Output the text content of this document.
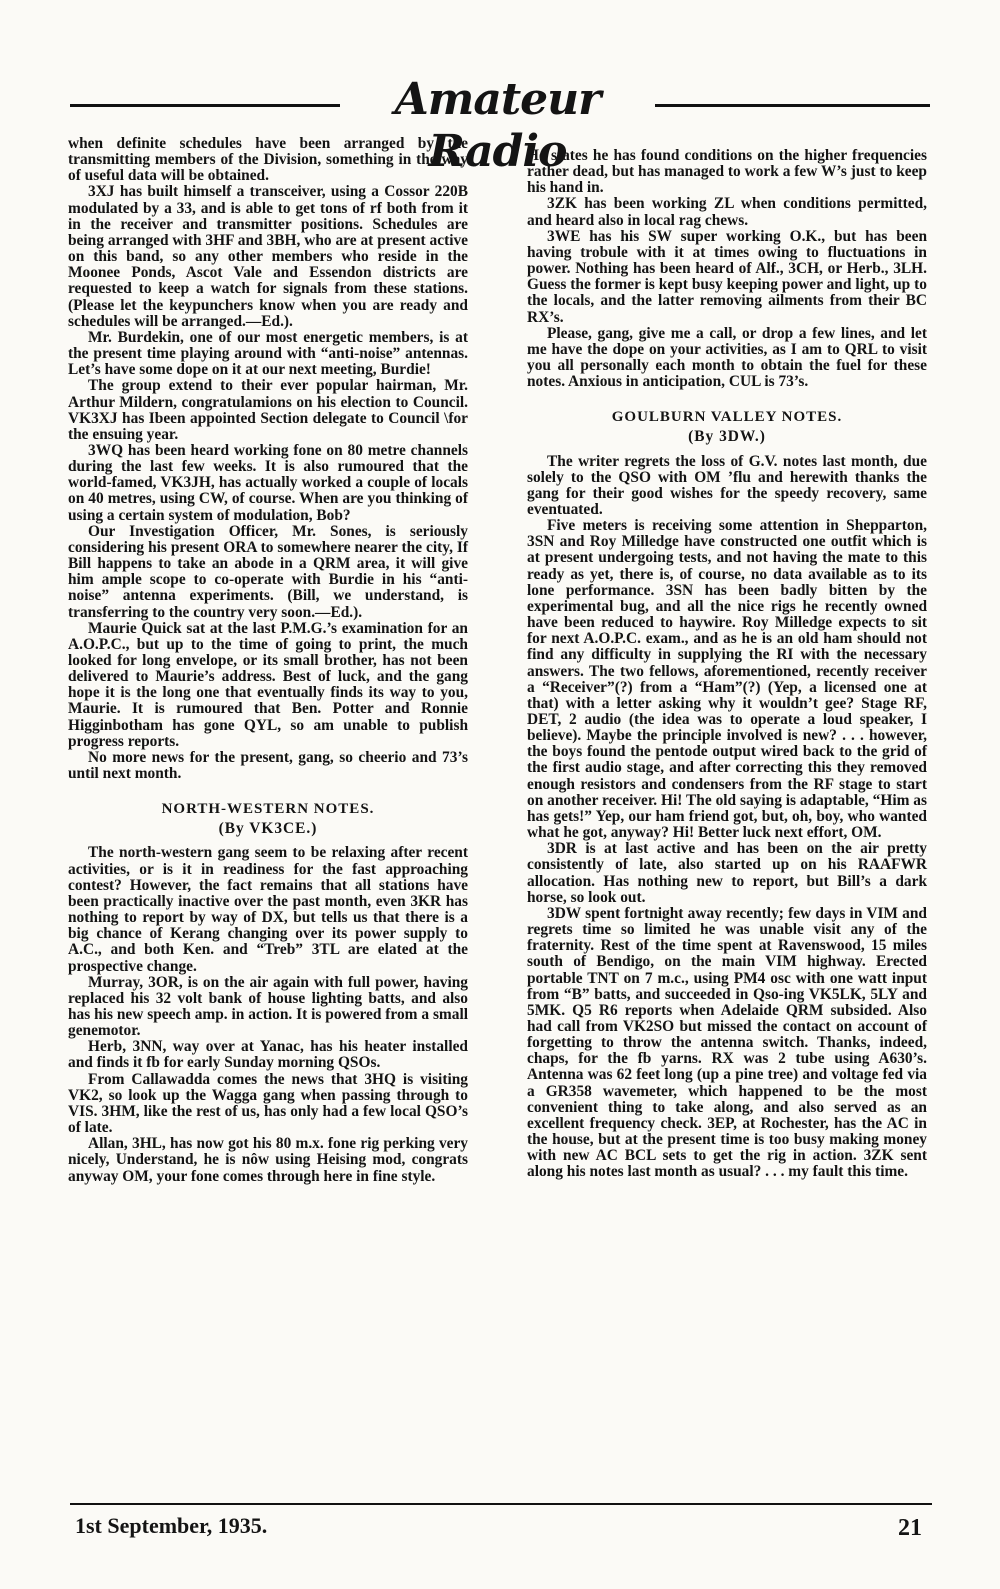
Amateur Radio

when definite schedules have been arranged by the transmitting members of the Division, something in the way of useful data will be obtained.

3XJ has built himself a transceiver, using a Cossor 220B modulated by a 33, and is able to get tons of rf both from it in the receiver and transmitter positions. Schedules are being arranged with 3HF and 3BH, who are at present active on this band, so any other members who reside in the Moonee Ponds, Ascot Vale and Essendon districts are requested to keep a watch for signals from these stations. (Please let the keypunchers know when you are ready and schedules will be arranged.—Ed.).

Mr. Burdekin, one of our most energetic members, is at the present time playing around with “anti-noise” antennas. Let’s have some dope on it at our next meeting, Burdie!

The group extend to their ever popular hairman, Mr. Arthur Mildern, congratulamions on his election to Council. VK3XJ has Ibeen appointed Section delegate to Council \for the ensuing year.

3WQ has been heard working fone on 80 metre channels during the last few weeks. It is also rumoured that the world-famed, VK3JH, has actually worked a couple of locals on 40 metres, using CW, of course. When are you thinking of using a certain system of modulation, Bob?

Our Investigation Officer, Mr. Sones, is seriously considering his present ORA to somewhere nearer the city, If Bill happens to take an abode in a QRM area, it will give him ample scope to co-operate with Burdie in his “anti-noise” antenna experiments. (Bill, we understand, is transferring to the country very soon.—Ed.).

Maurie Quick sat at the last P.M.G.’s examination for an A.O.P.C., but up to the time of going to print, the much looked for long envelope, or its small brother, has not been delivered to Maurie’s address. Best of luck, and the gang hope it is the long one that eventually finds its way to you, Maurie. It is rumoured that Ben. Potter and Ronnie Higginbotham has gone QYL, so am unable to publish progress reports.

No more news for the present, gang, so cheerio and 73’s until next month.

NORTH-WESTERN NOTES.
(By VK3CE.)

The north-western gang seem to be relaxing after recent activities, or is it in readiness for the fast approaching contest? However, the fact remains that all stations have been practically inactive over the past month, even 3KR has nothing to report by way of DX, but tells us that there is a big chance of Kerang changing over its power supply to A.C., and both Ken. and “Treb” 3TL are elated at the prospective change.

Murray, 3OR, is on the air again with full power, having replaced his 32 volt bank of house lighting batts, and also has his new speech amp. in action. It is powered from a small genemotor.

Herb, 3NN, way over at Yanac, has his heater installed and finds it fb for early Sunday morning QSOs.

From Callawadda comes the news that 3HQ is visiting VK2, so look up the Wagga gang when passing through to VIS. 3HM, like the rest of us, has only had a few local QSO’s of late.

Allan, 3HL, has now got his 80 m.x. fone rig perking very nicely, Understand, he is nôw using Heising mod, congrats anyway OM, your fone comes through here in fine style.

He states he has found conditions on the higher frequencies rather dead, but has managed to work a few W’s just to keep his hand in.

3ZK has been working ZL when conditions permitted, and heard also in local rag chews.

3WE has his SW super working O.K., but has been having trobule with it at times owing to fluctuations in power. Nothing has been heard of Alf., 3CH, or Herb., 3LH. Guess the former is kept busy keeping power and light, up to the locals, and the latter removing ailments from their BC RX’s.

Please, gang, give me a call, or drop a few lines, and let me have the dope on your activities, as I am to QRL to visit you all personally each month to obtain the fuel for these notes. Anxious in anticipation, CUL is 73’s.

GOULBURN VALLEY NOTES.
(By 3DW.)

The writer regrets the loss of G.V. notes last month, due solely to the QSO with OM ’flu and herewith thanks the gang for their good wishes for the speedy recovery, same eventuated.

Five meters is receiving some attention in Shepparton, 3SN and Roy Milledge have constructed one outfit which is at present undergoing tests, and not having the mate to this ready as yet, there is, of course, no data available as to its lone performance. 3SN has been badly bitten by the experimental bug, and all the nice rigs he recently owned have been reduced to haywire. Roy Milledge expects to sit for next A.O.P.C. exam., and as he is an old ham should not find any difficulty in supplying the RI with the necessary answers. The two fellows, aforementioned, recently receiver a “Receiver”(?) from a “Ham”(?) (Yep, a licensed one at that) with a letter asking why it wouldn’t gee? Stage RF, DET, 2 audio (the idea was to operate a loud speaker, I believe). Maybe the principle involved is new? . . . however, the boys found the pentode output wired back to the grid of the first audio stage, and after correcting this they removed enough resistors and condensers from the RF stage to start on another receiver. Hi! The old saying is adaptable, “Him as has gets!” Yep, our ham friend got, but, oh, boy, who wanted what he got, anyway? Hi! Better luck next effort, OM.

3DR is at last active and has been on the air pretty consistently of late, also started up on his RAAFWR allocation. Has nothing new to report, but Bill’s a dark horse, so look out.

3DW spent fortnight away recently; few days in VIM and regrets time so limited he was unable visit any of the fraternity. Rest of the time spent at Ravenswood, 15 miles south of Bendigo, on the main VIM highway. Erected portable TNT on 7 m.c., using PM4 osc with one watt input from “B” batts, and succeeded in Qso-ing VK5LK, 5LY and 5MK. Q5 R6 reports when Adelaide QRM subsided. Also had call from VK2SO but missed the contact on account of forgetting to throw the antenna switch. Thanks, indeed, chaps, for the fb yarns. RX was 2 tube using A630’s. Antenna was 62 feet long (up a pine tree) and voltage fed via a GR358 wavemeter, which happened to be the most convenient thing to take along, and also served as an excellent frequency check. 3EP, at Rochester, has the AC in the house, but at the present time is too busy making money with new AC BCL sets to get the rig in action. 3ZK sent along his notes last month as usual? . . . my fault this time.

1st September, 1935.	21
